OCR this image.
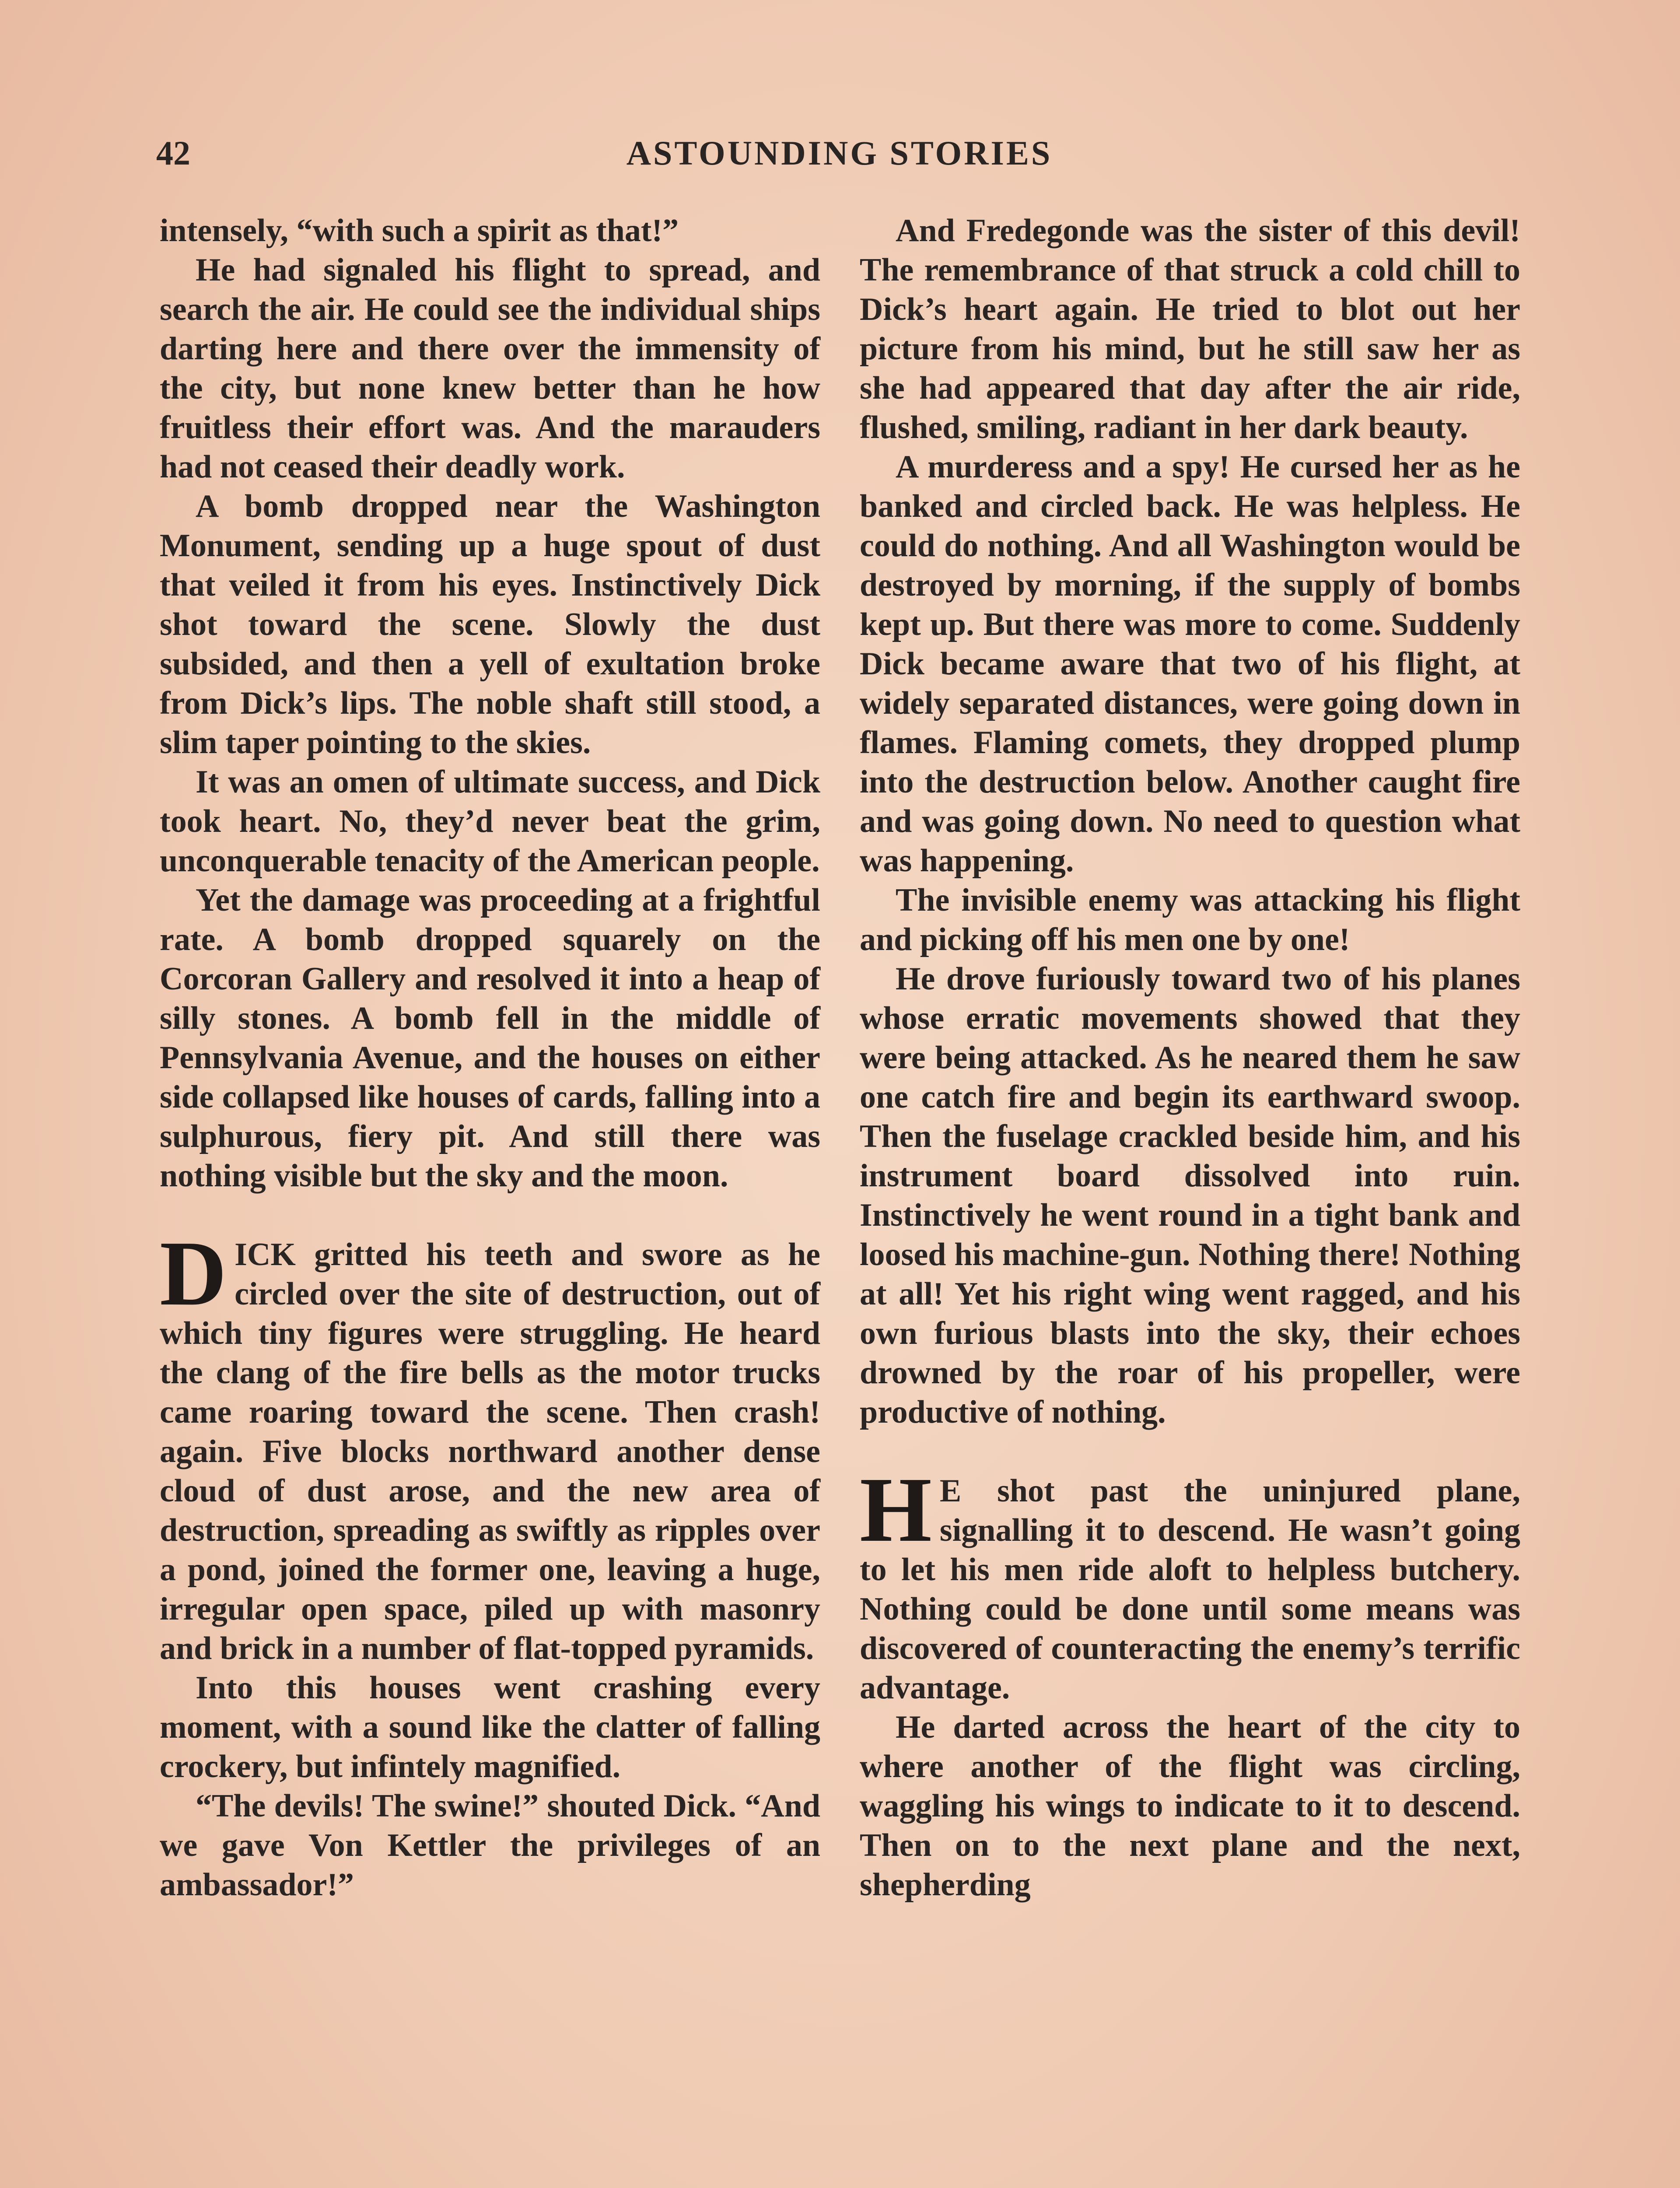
42	ASTOUNDING STORIES

intensely, “with such a spirit as that!”

He had signaled his flight to spread, and search the air. He could see the individual ships darting here and there over the immensity of the city, but none knew better than he how fruitless their effort was. And the marauders had not ceased their deadly work.

A bomb dropped near the Washington Monument, sending up a huge spout of dust that veiled it from his eyes. Instinctively Dick shot toward the scene. Slowly the dust subsided, and then a yell of exultation broke from Dick’s lips. The noble shaft still stood, a slim taper pointing to the skies.

It was an omen of ultimate success, and Dick took heart. No, they’d never beat the grim, unconquerable tenacity of the American people.

Yet the damage was proceeding at a frightful rate. A bomb dropped squarely on the Corcoran Gallery and resolved it into a heap of silly stones. A bomb fell in the middle of Pennsylvania Avenue, and the houses on either side collapsed like houses of cards, falling into a sulphurous, fiery pit. And still there was nothing visible but the sky and the moon.

D ICK gritted his teeth and swore as he circled over the site of destruction, out of which tiny figures were struggling. He heard the clang of the fire bells as the motor trucks came roaring toward the scene. Then crash! again. Five blocks northward another dense cloud of dust arose, and the new area of destruction, spreading as swiftly as ripples over a pond, joined the former one, leaving a huge, irregular open space, piled up with masonry and brick in a number of flat-topped pyramids.

Into this houses went crashing every moment, with a sound like the clatter of falling crockery, but infintely magnified.

“The devils! The swine!” shouted Dick. “And we gave Von Kettler the privileges of an ambassador!”

And Fredegonde was the sister of this devil! The remembrance of that struck a cold chill to Dick’s heart again. He tried to blot out her picture from his mind, but he still saw her as she had appeared that day after the air ride, flushed, smiling, radiant in her dark beauty.

A murderess and a spy! He cursed her as he banked and circled back. He was helpless. He could do nothing. And all Washington would be destroyed by morning, if the supply of bombs kept up. But there was more to come. Suddenly Dick became aware that two of his flight, at widely separated distances, were going down in flames. Flaming comets, they dropped plump into the destruction below. Another caught fire and was going down. No need to question what was happening.

The invisible enemy was attacking his flight and picking off his men one by one!

He drove furiously toward two of his planes whose erratic movements showed that they were being attacked. As he neared them he saw one catch fire and begin its earthward swoop. Then the fuselage crackled beside him, and his instrument board dissolved into ruin. Instinctively he went round in a tight bank and loosed his machine-gun. Nothing there! Nothing at all! Yet his right wing went ragged, and his own furious blasts into the sky, their echoes drowned by the roar of his propeller, were productive of nothing.

H E shot past the uninjured plane, signalling it to descend. He wasn’t going to let his men ride aloft to helpless butchery. Nothing could be done until some means was discovered of counteracting the enemy’s terrific advantage.

He darted across the heart of the city to where another of the flight was circling, waggling his wings to indicate to it to descend. Then on to the next plane and the next, shepherding
